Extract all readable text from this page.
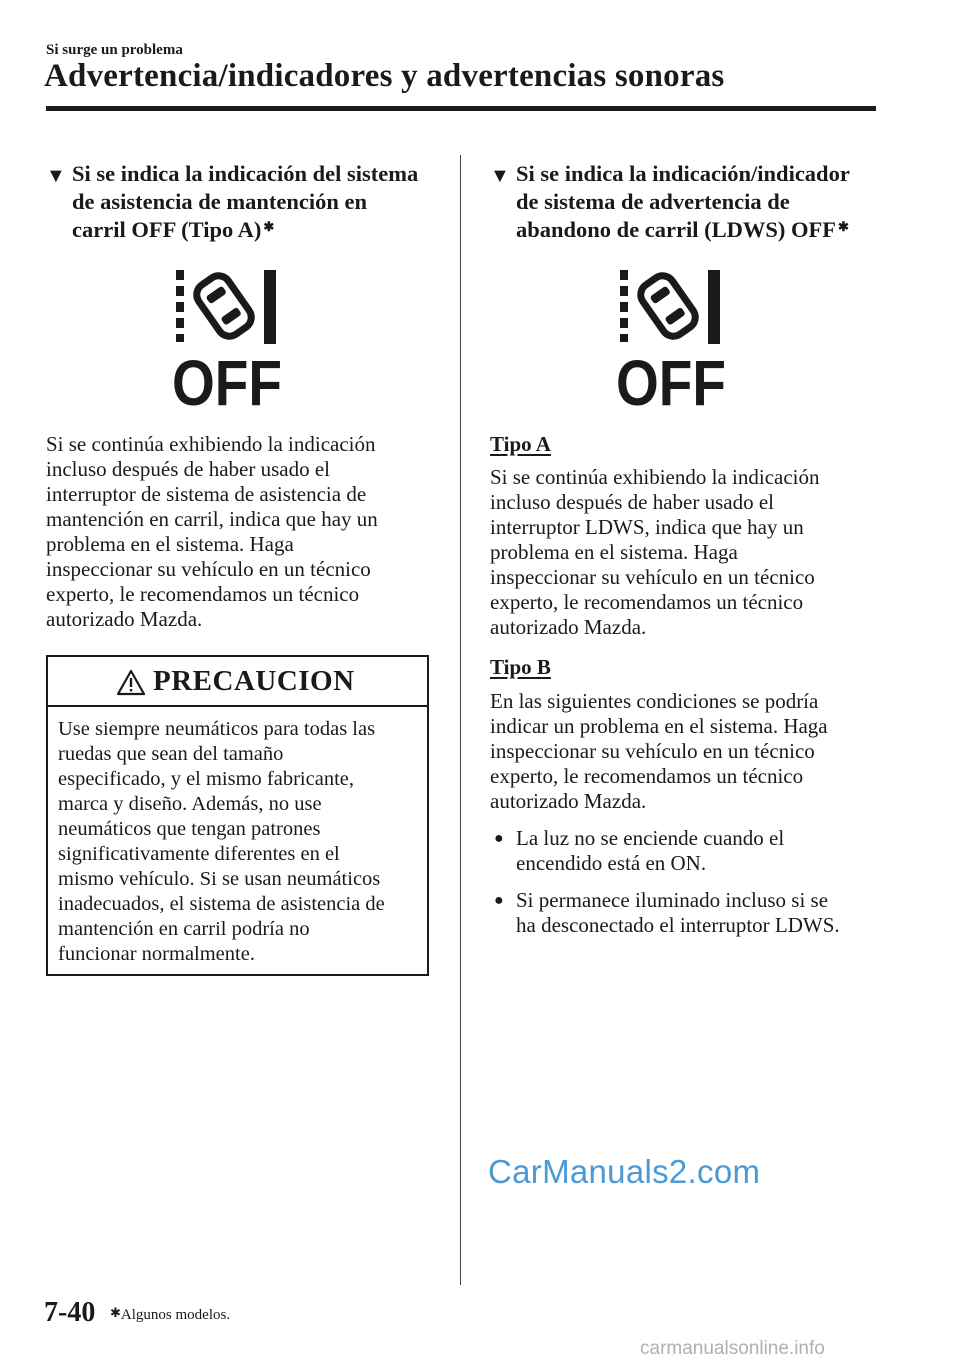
Si surge un problema
Advertencia/indicadores y advertencias sonoras
▼ Si se indica la indicación del sistema
de asistencia de mantención en
carril OFF (Tipo A) ✱
OFF
Si se continúa exhibiendo la indicación
incluso después de haber usado el
interruptor de sistema de asistencia de
mantención en carril, indica que hay un
problema en el sistema. Haga
inspeccionar su vehículo en un técnico
experto, le recomendamos un técnico
autorizado Mazda.
PRECAUCION
Use siempre neumáticos para todas las
ruedas que sean del tamaño
especificado, y el mismo fabricante,
marca y diseño. Además, no use
neumáticos que tengan patrones
significativamente diferentes en el
mismo vehículo. Si se usan neumáticos
inadecuados, el sistema de asistencia de
mantención en carril podría no
funcionar normalmente.
▼ Si se indica la indicación/indicador
de sistema de advertencia de
abandono de carril (LDWS) OFF ✱
OFF
Tipo A
Si se continúa exhibiendo la indicación
incluso después de haber usado el
interruptor LDWS, indica que hay un
problema en el sistema. Haga
inspeccionar su vehículo en un técnico
experto, le recomendamos un técnico
autorizado Mazda.
Tipo B
En las siguientes condiciones se podría
indicar un problema en el sistema. Haga
inspeccionar su vehículo en un técnico
experto, le recomendamos un técnico
autorizado Mazda.
● La luz no se enciende cuando el
encendido está en ON.
● Si permanece iluminado incluso si se
ha desconectado el interruptor LDWS.
CarManuals2.com
7-40 ✱Algunos modelos.
carmanualsonline.info
